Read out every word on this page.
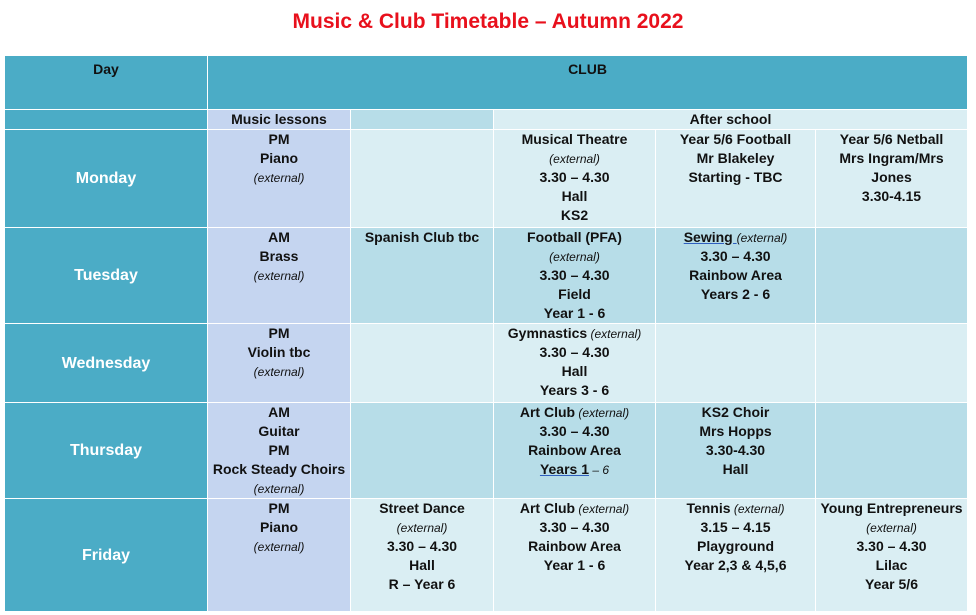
Music & Club Timetable – Autumn 2022
Day	CLUB				
	Music lessons		After school		
Monday	PM
Piano
(external)		Musical Theatre
(external)
3.30 – 4.30
Hall
KS2	Year 5/6 Football
Mr Blakeley
Starting - TBC	Year 5/6 Netball
Mrs Ingram/Mrs Jones
3.30-4.15

Tuesday	AM
Brass
(external)	Spanish Club tbc	Football (PFA)
(external)
3.30 – 4.30
Field
Year 1 - 6	Sewing (external)
3.30 – 4.30
Rainbow Area
Years 2 - 6	

Wednesday	PM
Violin tbc
(external)		Gymnastics (external)
3.30 – 4.30
Hall
Years 3 - 6		

Thursday	AM
Guitar
PM
Rock Steady Choirs
(external)		Art Club (external)
3.30 – 4.30
Rainbow Area
Years 1 – 6	KS2 Choir
Mrs Hopps
3.30-4.30
Hall	

Friday	PM
Piano
(external)	Street Dance
(external)
3.30 – 4.30
Hall
R – Year 6	Art Club (external)
3.30 – 4.30
Rainbow Area
Year 1 - 6	Tennis (external)
3.15 – 4.15
Playground
Year 2,3 & 4,5,6	Young Entrepreneurs
(external)
3.30 – 4.30
Lilac
Year 5/6
